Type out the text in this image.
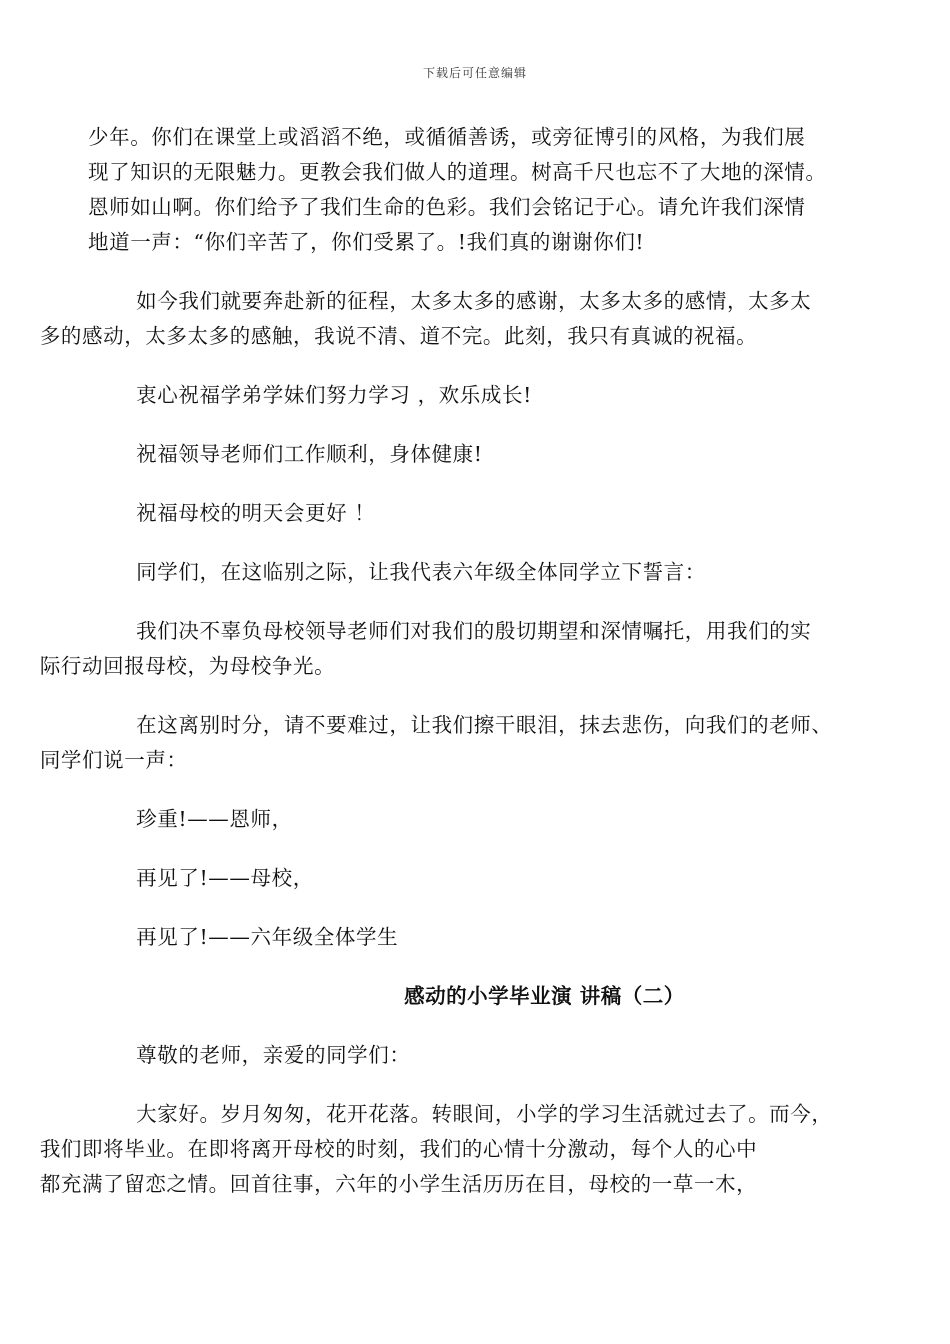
下载后可任意编辑
少年。你们在课堂上或滔滔不绝，或循循善诱，或旁征博引的风格，为我们展
现了知识的无限魅力。更教会我们做人的道理。树高千尺也忘不了大地的深情。
恩师如山啊。你们给予了我们生命的色彩。我们会铭记于心。请允许我们深情
地道一声：“你们辛苦了，你们受累了。!我们真的谢谢你们!
如今我们就要奔赴新的征程，太多太多的感谢，太多太多的感情，太多太
多的感动，太多太多的感触，我说不清、道不完。此刻，我只有真诚的祝福。
衷心祝福学弟学妹们努力学习 ，欢乐成长!
祝福领导老师们工作顺利，身体健康!
祝福母校的明天会更好 ！
同学们，在这临别之际，让我代表六年级全体同学立下誓言：
我们决不辜负母校领导老师们对我们的殷切期望和深情嘱托，用我们的实
际行动回报母校，为母校争光。
在这离别时分，请不要难过，让我们擦干眼泪，抹去悲伤，向我们的老师、
同学们说一声：
珍重!——恩师，
再见了!——母校，
再见了!——六年级全体学生
感动的小学毕业演 讲稿（二）
尊敬的老师，亲爱的同学们：
大家好。岁月匆匆，花开花落。转眼间，小学的学习生活就过去了。而今，
我们即将毕业。在即将离开母校的时刻，我们的心情十分激动，每个人的心中
都充满了留恋之情。回首往事，六年的小学生活历历在目，母校的一草一木，
